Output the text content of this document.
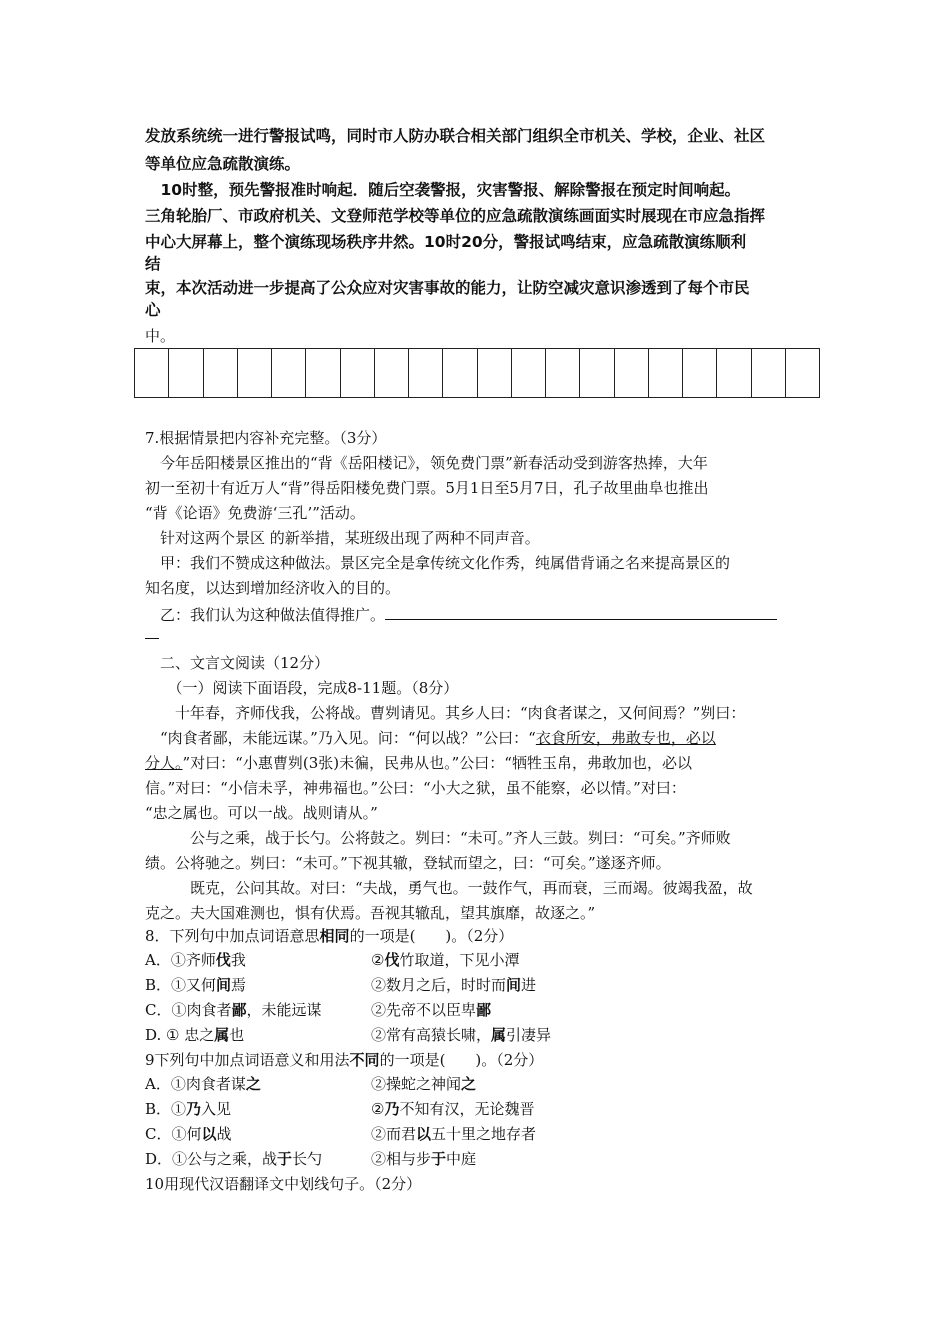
发放系统统一进行警报试鸣，同时市人防办联合相关部门组织全市机关、学校，企业、社区
等单位应急疏散演练。
　10时整，预先警报准时响起．随后空袭警报，灾害警报、解除警报在预定时间响起。
三角轮胎厂、市政府机关、文登师范学校等单位的应急疏散演练画面实时展现在市应急指挥
中心大屏幕上，整个演练现场秩序井然。10时20分，警报试鸣结束，应急疏散演练顺利
结
束，本次活动进一步提高了公众应对灾害事故的能力，让防空减灾意识渗透到了每个市民
心
中。
7.根据情景把内容补充完整。（3分）
　今年岳阳楼景区推出的“背《岳阳楼记》，领免费门票”新春活动受到游客热捧，大年
初一至初十有近万人“背”得岳阳楼免费门票。5月1日至5月7日，孔子故里曲阜也推出
“背《论语》免费游‘三孔’”活动。
　针对这两个景区 的新举措，某班级出现了两种不同声音。
　甲：我们不赞成这种做法。景区完全是拿传统文化作秀，纯属借背诵之名来提高景区的
知名度，以达到增加经济收入的目的。
　乙：我们认为这种做法值得推广。
　二、文言文阅读（12分）
　　（一）阅读下面语段，完成8-11题。（8分）
　　十年春，齐师伐我，公将战。曹刿请见。其乡人曰：“肉食者谋之，又何间焉？”刿曰：
　“肉食者鄙，未能远谋。”乃入见。问：“何以战？”公曰：“衣食所安，弗敢专也，必以
分人。”对曰：“小惠曹刿(3张)未徧，民弗从也。”公曰：“牺牲玉帛，弗敢加也，必以
信。”对曰：“小信未孚，神弗福也。”公曰：“小大之狱，虽不能察，必以情。”对曰：
“忠之属也。可以一战。战则请从。”
　　　公与之乘，战于长勺。公将鼓之。刿曰：“未可。”齐人三鼓。刿曰：“可矣。”齐师败
绩。公将驰之。刿曰：“未可。”下视其辙，登轼而望之，曰：“可矣。”遂逐齐师。
　　　既克，公问其故。对曰：“夫战，勇气也。一鼓作气，再而衰，三而竭。彼竭我盈，故
克之。夫大国难测也，惧有伏焉。吾视其辙乱，望其旗靡，故逐之。”
8．下列句中加点词语意思相同的一项是(　　)。（2分）
A．①齐师伐我	②伐竹取道，下见小潭
B．①又何间焉	②数月之后，时时而间进
C．①肉食者鄙，未能远谋	②先帝不以臣卑鄙
D. ① 忠之属也	②常有高猿长啸，属引凄异
9下列句中加点词语意义和用法不同的一项是(　　)。（2分）
A．①肉食者谋之	②操蛇之神闻之
B．①乃入见	②乃不知有汉，无论魏晋
C．①何以战	②而君以五十里之地存者
D．①公与之乘，战于长勺	②相与步于中庭
10用现代汉语翻译文中划线句子。（2分）
